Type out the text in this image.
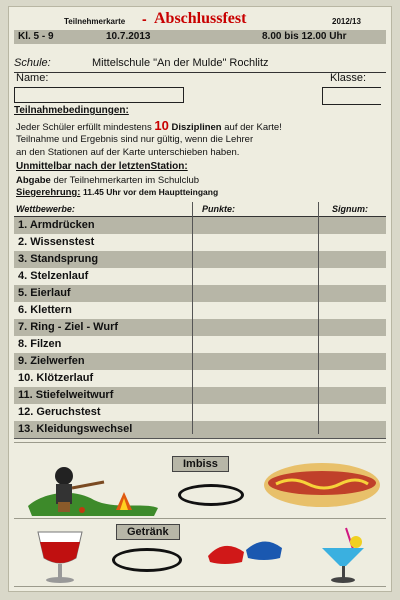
Teilnehmerkarte - Abschlussfest	2012/13
Kl. 5 - 9	10.7.2013	8.00 bis 12.00 Uhr
Schule:	Mittelschule "An der Mulde" Rochlitz
Name:	Klasse:
Teilnahmebedingungen:
Jeder Schüler erfüllt mindestens 10 Disziplinen auf der Karte!
Teilnahme und Ergebnis sind nur gültig, wenn die Lehrer
an den Stationen auf der Karte unterschieben haben.
Unmittelbar nach der letztenStation:
Abgabe der Teilnehmerkarten im Schulclub
Siegerehrung: 11.45 Uhr vor dem Hauptteingang
Wettbewerbe:	Punkte:	Signum:
1. Armdrücken
2. Wissenstest
3. Standsprung
4. Stelzenlauf
5. Eierlauf
6. Klettern
7. Ring - Ziel - Wurf
8. Filzen
9. Zielwerfen
10. Klötzerlauf
11. Stiefelweitwurf
12. Geruchstest
13. Kleidungswechsel
Imbiss
Getränk
